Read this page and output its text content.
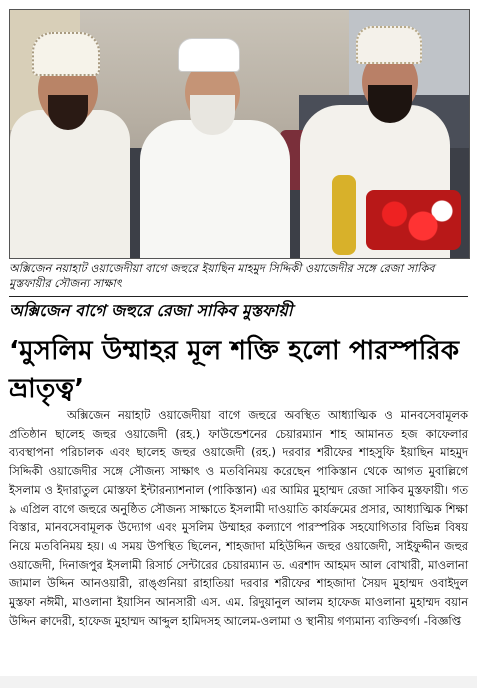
অক্সিজেন নয়াহাট ওয়াজেদীয়া বাগে জহুরে ইয়াছিন মাহমুদ সিদ্দিকী ওয়াজেদীর সঙ্গে রেজা সাকিব মুস্তফায়ীর সৌজন্য সাক্ষাৎ
অক্সিজেন বাগে জহুরে রেজা সাকিব মুস্তফায়ী
‘মুসলিম উম্মাহর মূল শক্তি হলো পারস্পরিক ভ্রাতৃত্ব’

অক্সিজেন নয়াহাট ওয়াজেদীয়া বাগে জহুরে অবস্থিত আধ্যাত্মিক ও মানবসেবামূলক প্রতিষ্ঠান ছালেহ জহুর ওয়াজেদী (রহ.) ফাউন্ডেশনের চেয়ারম্যান শাহ আমানত হজ কাফেলার ব্যবস্থাপনা পরিচালক এবং ছালেহ জহুর ওয়াজেদী (রহ.) দরবার শরীফের শাহসুফি ইয়াছিন মাহমুদ সিদ্দিকী ওয়াজেদীর সঙ্গে সৌজন্য সাক্ষাৎ ও মতবিনিময় করেছেন পাকিস্তান থেকে আগত মুবাল্লিগে ইসলাম ও ইদারাতুল মোস্তফা ইন্টারন্যাশনাল (পাকিস্তান) এর আমির মুহাম্মদ রেজা সাকিব মুস্তফায়ী। গত ৯ এপ্রিল বাগে জহুরে অনুষ্ঠিত সৌজন্য সাক্ষাতে ইসলামী দাওয়াতি কার্যক্রমের প্রসার, আধ্যাত্মিক শিক্ষা বিস্তার, মানবসেবামূলক উদ্যোগ এবং মুসলিম উম্মাহর কল্যাণে পারস্পরিক সহযোগিতার বিভিন্ন বিষয় নিয়ে মতবিনিময় হয়। এ সময় উপস্থিত ছিলেন, শাহজাদা মহিউদ্দিন জহুর ওয়াজেদী, সাইফুদ্দীন জহুর ওয়াজেদী, দিনাজপুর ইসলামী রিসার্চ সেন্টারের চেয়ারম্যান ড. এরশাদ আহমদ আল বোখারী, মাওলানা জামাল উদ্দিন আনওয়ারী, রাঙ্গুনিয়া রাহাতিয়া দরবার শরীফের শাহজাদা সৈয়দ মুহাম্মদ ওবাইদুল মুস্তফা নঈমী, মাওলানা ইয়াসিন আনসারী এস. এম. রিদুয়ানুল আলম হাফেজ মাওলানা মুহাম্মদ বয়ান উদ্দিন ক্বাদেরী, হাফেজ মুহাম্মদ আব্দুল হামিদসহ আলেম-ওলামা ও স্থানীয় গণ্যমান্য ব্যক্তিবর্গ। -বিজ্ঞপ্তি
